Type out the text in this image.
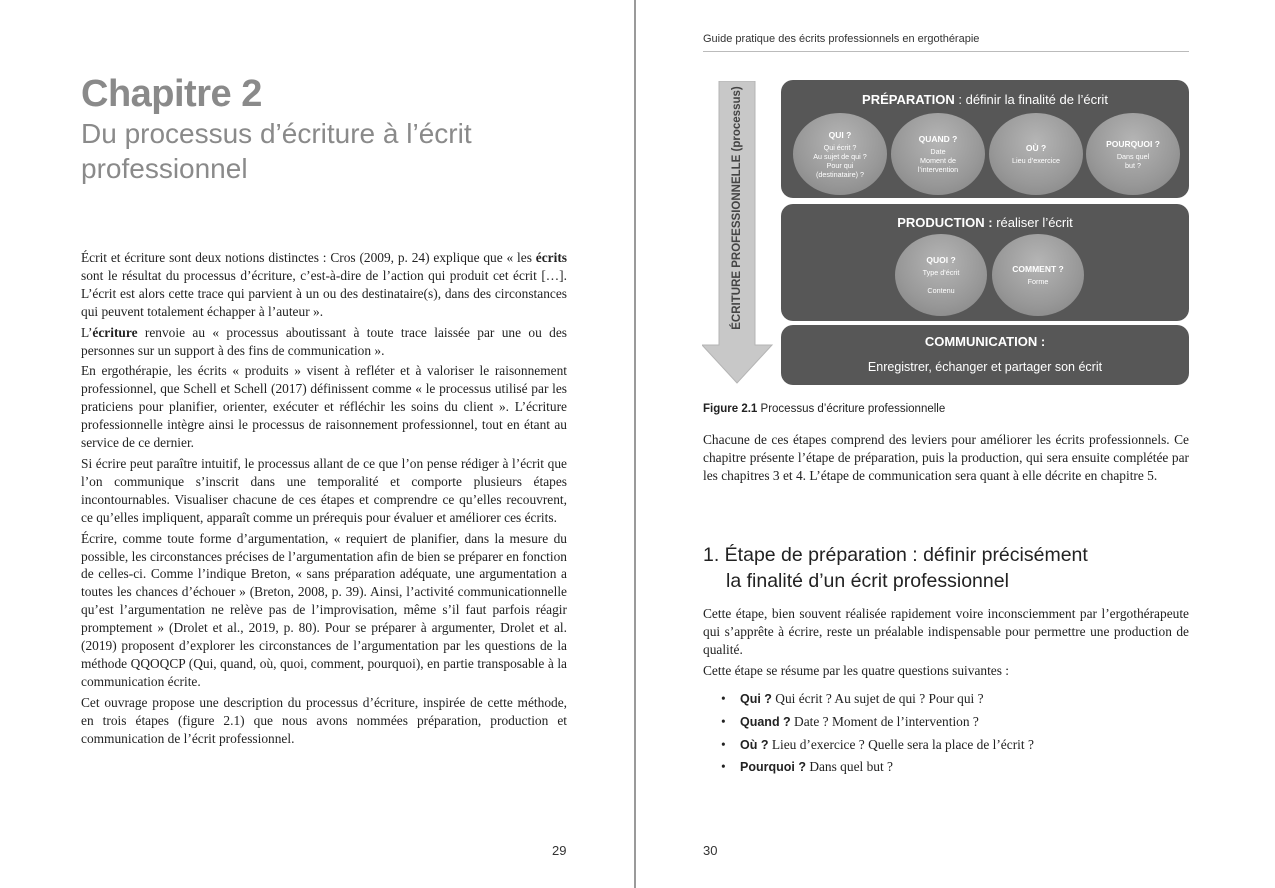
Chapitre 2
Du processus d’écriture à l’écrit professionnel

Écrit et écriture sont deux notions distinctes : Cros (2009, p. 24) explique que « les écrits sont le résultat du processus d’écriture, c’est-à-dire de l’action qui produit cet écrit […]. L’écrit est alors cette trace qui parvient à un ou des destinataire(s), dans des circonstances qui peuvent totalement échapper à l’auteur ».

L’écriture renvoie au « processus aboutissant à toute trace laissée par une ou des personnes sur un support à des fins de communication ».

En ergothérapie, les écrits « produits » visent à refléter et à valoriser le raisonnement professionnel, que Schell et Schell (2017) définissent comme « le processus utilisé par les praticiens pour planifier, orienter, exécuter et réfléchir les soins du client ». L’écriture professionnelle intègre ainsi le processus de raisonnement professionnel, tout en étant au service de ce dernier.

Si écrire peut paraître intuitif, le processus allant de ce que l’on pense rédiger à l’écrit que l’on communique s’inscrit dans une temporalité et comporte plusieurs étapes incontournables. Visualiser chacune de ces étapes et comprendre ce qu’elles recouvrent, ce qu’elles impliquent, apparaît comme un prérequis pour évaluer et améliorer ces écrits.

Écrire, comme toute forme d’argumentation, « requiert de planifier, dans la mesure du possible, les circonstances précises de l’argumentation afin de bien se préparer en fonction de celles-ci. Comme l’indique Breton, « sans préparation adéquate, une argumentation a toutes les chances d’échouer » (Breton, 2008, p. 39). Ainsi, l’activité communicationnelle qu’est l’argumentation ne relève pas de l’improvisation, même s’il faut parfois réagir promptement » (Drolet et al., 2019, p. 80). Pour se préparer à argumenter, Drolet et al. (2019) proposent d’explorer les circonstances de l’argumentation par les questions de la méthode QQOQCP (Qui, quand, où, quoi, comment, pourquoi), en partie transposable à la communication écrite.

Cet ouvrage propose une description du processus d’écriture, inspirée de cette méthode, en trois étapes (figure 2.1) que nous avons nommées préparation, production et communication de l’écrit professionnel.

29
Guide pratique des écrits professionnels en ergothérapie
ÉCRITURE PROFESSIONNELLE (processus)	PRÉPARATION : définir la finalité de l’écrit
QUI ?
Qui écrit ?
Au sujet de qui ?
Pour qui
(destinataire) ?
QUAND ?
Date
Moment de
l’intervention
OÙ ?
Lieu d’exercice
POURQUOI ?
Dans quel
but ?
PRODUCTION : réaliser l’écrit
QUOI ?
Type d’écrit

Contenu
COMMENT ?
Forme
COMMUNICATION :
Enregistrer, échanger et partager son écrit
Figure 2.1 Processus d’écriture professionnelle
Chacune de ces étapes comprend des leviers pour améliorer les écrits professionnels. Ce chapitre présente l’étape de préparation, puis la production, qui sera ensuite complétée par les chapitres 3 et 4. L’étape de communication sera quant à elle décrite en chapitre 5.
1. Étape de préparation : définir précisément
la finalité d’un écrit professionnel

Cette étape, bien souvent réalisée rapidement voire inconsciemment par l’ergothérapeute qui s’apprête à écrire, reste un préalable indispensable pour permettre une production de qualité.

Cette étape se résume par les quatre questions suivantes :

• Qui ? Qui écrit ? Au sujet de qui ? Pour qui ?
• Quand ? Date ? Moment de l’intervention ?
• Où ? Lieu d’exercice ? Quelle sera la place de l’écrit ?
• Pourquoi ? Dans quel but ?
30
